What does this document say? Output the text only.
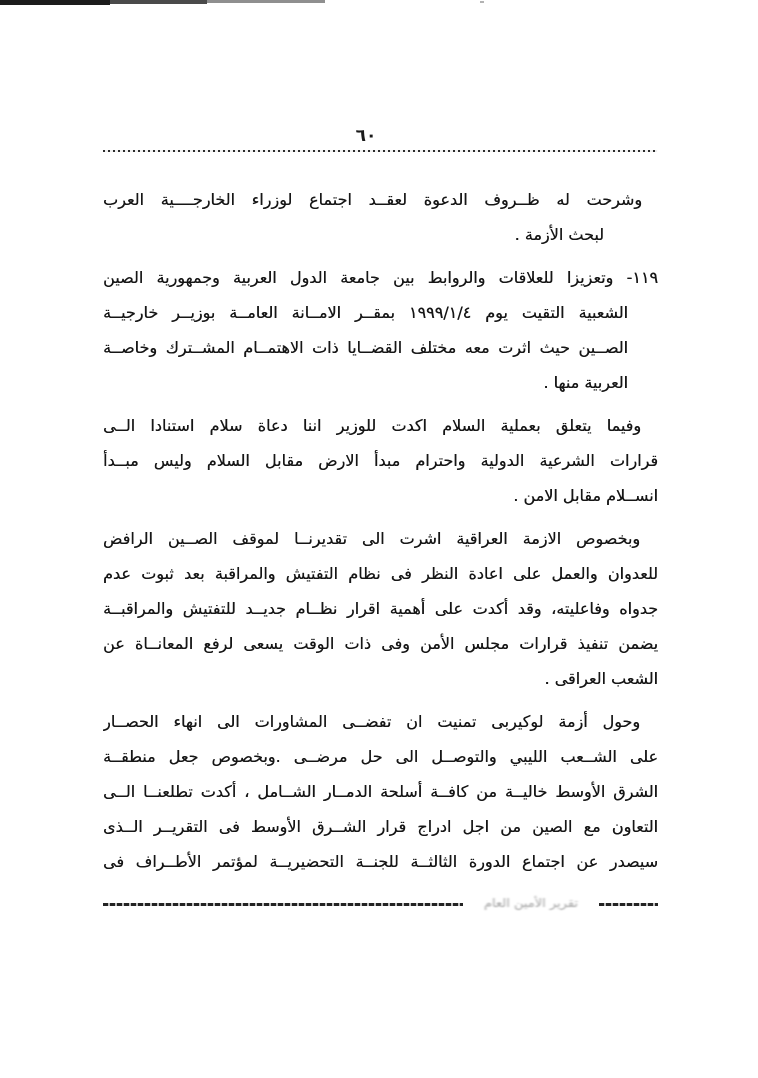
٦٠
وشرحت له ظــروف الدعوة لعقــد اجتماع لوزراء الخارجــــية العرب
لبحث الأزمة .
١١٩- وتعزيزا للعلاقات والروابط بين جامعة الدول العربية وجمهورية الصين
الشعبية التقيت يوم ١٩٩٩/١/٤ بمقــر الامــانة العامــة بوزيــر خارجيــة
الصــين حيث اثرت معه مختلف القضــايا ذات الاهتمــام المشــترك وخاصــة
العربية منها .
وفيما يتعلق بعملية السلام اكدت للوزير اننا دعاة سلام استنادا الــى
قرارات الشرعية الدولية واحترام مبدأ الارض مقابل السلام وليس مبــدأ
انســلام مقابل الامن .
وبخصوص الازمة العراقية اشرت الى تقديرنــا لموقف الصــين الرافض
للعدوان والعمل على اعادة النظر فى نظام التفتيش والمراقبة بعد ثبوت عدم
جدواه وفاعليته، وقد أكدت على أهمية اقرار نظــام جديــد للتفتيش والمراقبــة
يضمن تنفيذ قرارات مجلس الأمن وفى ذات الوقت يسعى لرفع المعانــاة عن
الشعب العراقى .
وحول أزمة لوكيربى تمنيت ان تفضــى المشاورات الى انهاء الحصــار
على الشــعب الليبي والتوصــل الى حل مرضــى .وبخصوص جعل منطقــة
الشرق الأوسط خاليــة من كافــة أسلحة الدمــار الشــامل ، أكدت تطلعنــا الــى
التعاون مع الصين من اجل ادراج قرار الشــرق الأوسط فى التقريــر الــذى
سيصدر عن اجتماع الدورة الثالثــة للجنــة التحضيريــة لمؤتمر الأطــراف فى
تقرير الأمين العام
